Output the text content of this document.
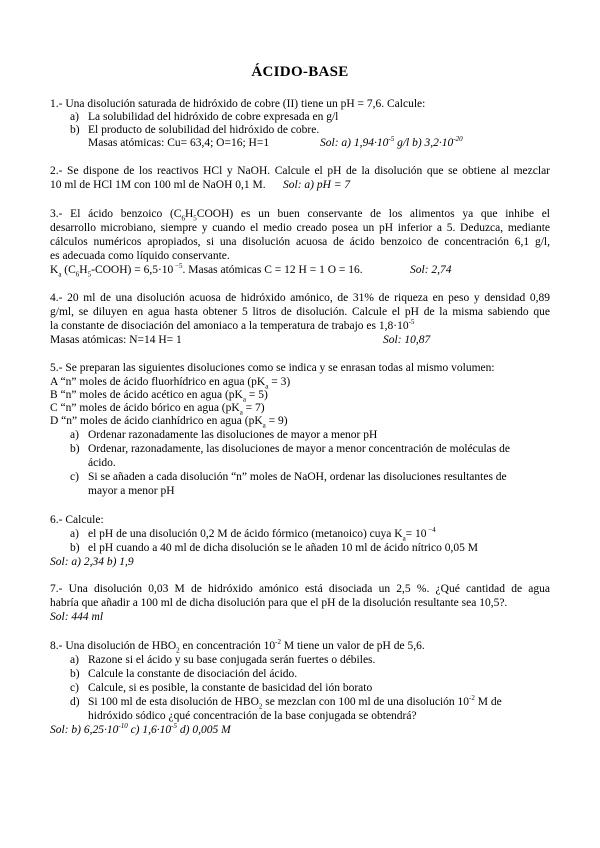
ÁCIDO-BASE
1.- Una disolución saturada de hidróxido de cobre (II) tiene un pH = 7,6. Calcule:
a) La solubilidad del hidróxido de cobre expresada en g/l
b) El producto de solubilidad del hidróxido de cobre.
Masas atómicas: Cu= 63,4; O=16; H=1	Sol: a) $1,94\cdot 10^{-5}$ g/l b) $3,2\cdot 10^{-20}$
2.- Se dispone de los reactivos HCl y NaOH. Calcule el pH de la disolución que se obtiene al mezclar
10 ml de HCl 1M con 100 ml de NaOH 0,1 M. Sol: a) pH = 7
3.- El ácido benzoico $(C_6H_5COOH)$ es un buen conservante de los alimentos ya que inhibe el
desarrollo microbiano, siempre y cuando el medio creado posea un pH inferior a 5. Deduzca, mediante
cálculos numéricos apropiados, si una disolución acuosa de ácido benzoico de concentración 6,1 g/l,
es adecuada como líquido conservante.
$K_a$ $(C_6H_5-COOH) = 6,5\cdot 10$ $^{-5}$. Masas atómicas C = 12 H = 1 O = 16.	Sol: 2,74
4.- 20 ml de una disolución acuosa de hidróxido amónico, de 31% de riqueza en peso y densidad 0,89
g/ml, se diluyen en agua hasta obtener 5 litros de disolución. Calcule el pH de la misma sabiendo que
la constante de disociación del amoniaco a la temperatura de trabajo es $1,8\cdot 10^{-5}$
Masas atómicas: N=14 H= 1	Sol: 10,87
5.- Se preparan las siguientes disoluciones como se indica y se enrasan todas al mismo volumen:
A “n” moles de ácido fluorhídrico en agua $(pK_a = 3)$
B “n” moles de ácido acético en agua $(pK_a = 5)$
C “n” moles de ácido bórico en agua $(pK_a = 7)$
D “n” moles de ácido cianhídrico en agua $(pK_a = 9)$
a) Ordenar razonadamente las disoluciones de mayor a menor pH
b) Ordenar, razonadamente, las disoluciones de mayor a menor concentración de moléculas de
ácido.
c) Si se añaden a cada disolución “n” moles de NaOH, ordenar las disoluciones resultantes de
mayor a menor pH
6.- Calcule:
a) el pH de una disolución 0,2 M de ácido fórmico (metanoico) cuya $K_a= 10$ $^{-4}$
b) el pH cuando a 40 ml de dicha disolución se le añaden 10 ml de ácido nítrico 0,05 M
Sol: a) 2,34 b) 1,9
7.- Una disolución 0,03 M de hidróxido amónico está disociada un 2,5 %. ¿Qué cantidad de agua
habría que añadir a 100 ml de dicha disolución para que el pH de la disolución resultante sea 10,5?.
Sol: 444 ml
8.- Una disolución de $HBO_2$ en concentración $10^{-2}$ M tiene un valor de pH de 5,6.
a) Razone si el ácido y su base conjugada serán fuertes o débiles.
b) Calcule la constante de disociación del ácido.
c) Calcule, si es posible, la constante de basicidad del ión borato
d) Si 100 ml de esta disolución de $HBO_2$ se mezclan con 100 ml de una disolución $10^{-2}$ M de
hidróxido sódico ¿qué concentración de la base conjugada se obtendrá?
Sol: b) $6,25\cdot 10^{-10}$ c) $1,6\cdot 10^{-5}$ d) 0,005 M
